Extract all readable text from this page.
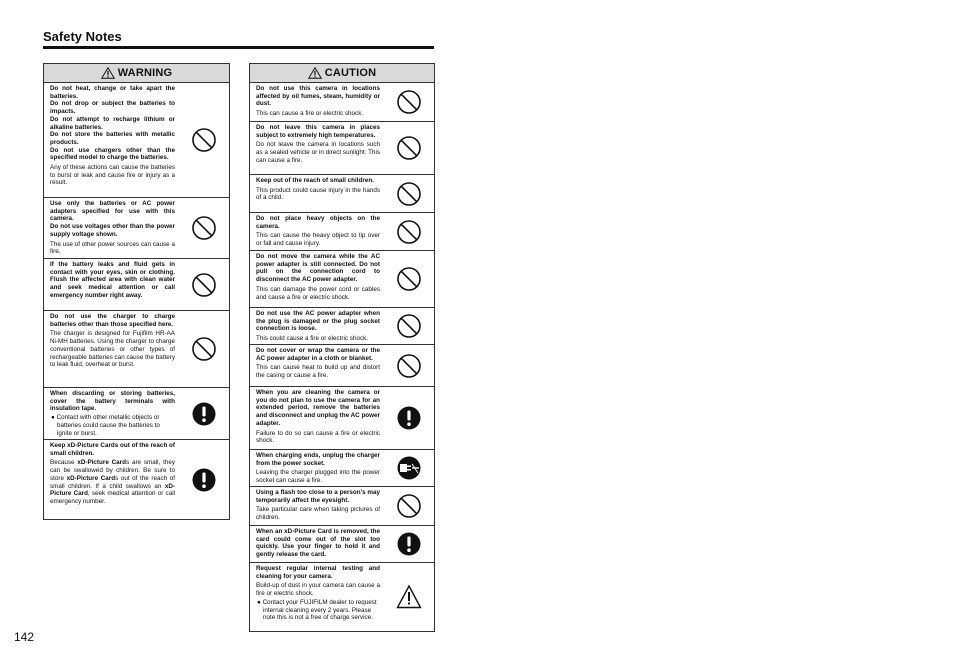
Safety Notes
WARNING
Do not heat, change or take apart the batteries.
Do not drop or subject the batteries to impacts.
Do not attempt to recharge lithium or alkaline batteries.
Do not store the batteries with metallic products.
Do not use chargers other than the specified model to charge the batteries.
Any of these actions can cause the batteries to burst or leak and cause fire or injury as a result.
Use only the batteries or AC power adapters specified for use with this camera.
Do not use voltages other than the power supply voltage shown.
The use of other power sources can cause a fire.
If the battery leaks and fluid gets in contact with your eyes, skin or clothing. Flush the affected area with clean water and seek medical attention or call emergency number right away.
Do not use the charger to charge batteries other than those specified here.
The charger is designed for Fujifilm HR-AA Ni-MH batteries. Using the charger to charge conventional batteries or other types of rechargeable batteries can cause the battery to leak fluid, overheat or burst.
When discarding or storing batteries, cover the battery terminals with insulation tape.
● Contact with other metallic objects or batteries could cause the batteries to ignite or burst.
Keep xD-Picture Cards out of the reach of small children.
Because xD-Picture Cards are small, they can be swallowed by children. Be sure to store xD-Picture Cards out of the reach of small children. If a child swallows an xD-Picture Card, seek medical attention or call emergency number.
CAUTION
Do not use this camera in locations affected by oil fumes, steam, humidity or dust.
This can cause a fire or electric shock.
Do not leave this camera in places subject to extremely high temperatures.
Do not leave the camera in locations such as a sealed vehicle or in direct sunlight. This can cause a fire.
Keep out of the reach of small children.
This product could cause injury in the hands of a child.
Do not place heavy objects on the camera.
This can cause the heavy object to tip over or fall and cause injury.
Do not move the camera while the AC power adapter is still connected. Do not pull on the connection cord to disconnect the AC power adapter.
This can damage the power cord or cables and cause a fire or electric shock.
Do not use the AC power adapter when the plug is damaged or the plug socket connection is loose.
This could cause a fire or electric shock.
Do not cover or wrap the camera or the AC power adapter in a cloth or blanket.
This can cause heat to build up and distort the casing or cause a fire.
When you are cleaning the camera or you do not plan to use the camera for an extended period, remove the batteries and disconnect and unplug the AC power adapter.
Failure to do so can cause a fire or electric shock.
When charging ends, unplug the charger from the power socket.
Leaving the charger plugged into the power socket can cause a fire.
Using a flash too close to a person's may temporarily affect the eyesight.
Take particular care when taking pictures of children.
When an xD-Picture Card is removed, the card could come out of the slot too quickly. Use your finger to hold it and gently release the card.
Request regular internal testing and cleaning for your camera.
Build-up of dust in your camera can cause a fire or electric shock.
● Contact your FUJIFILM dealer to request internal cleaning every 2 years. Please note this is not a free of charge service.
142
